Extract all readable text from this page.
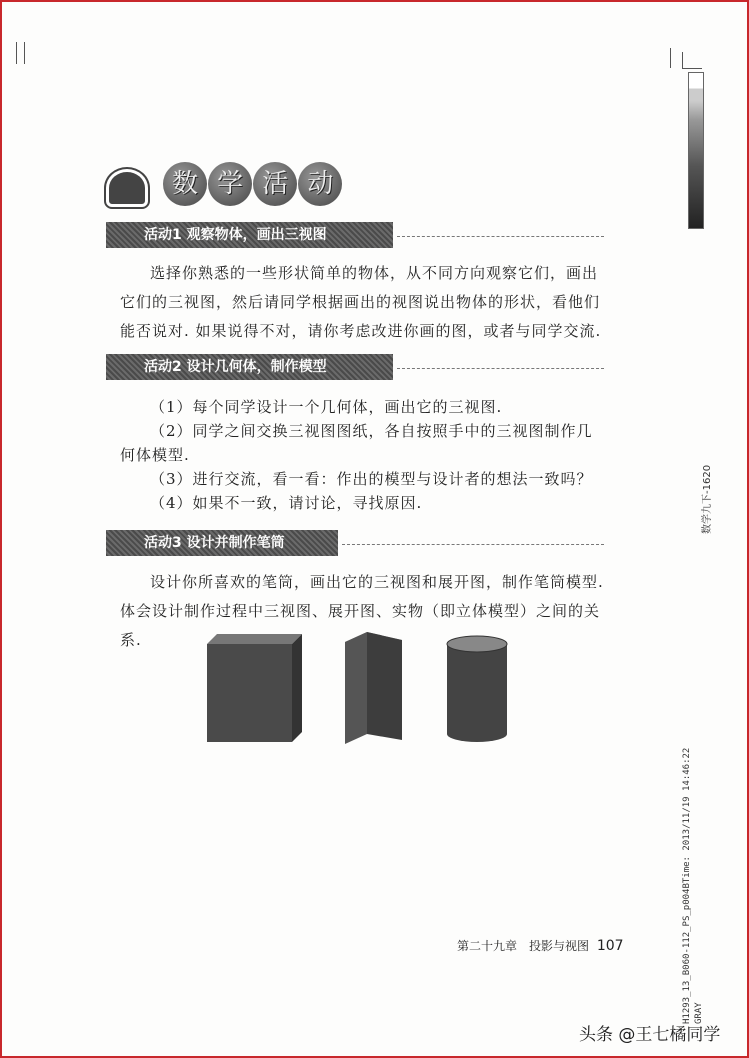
数 学 活 动
活动1 观察物体，画出三视图

选择你熟悉的一些形状简单的物体，从不同方向观察它们，画出它们的三视图，然后请同学根据画出的视图说出物体的形状，看他们能否说对. 如果说得不对，请你考虑改进你画的图，或者与同学交流.

活动2 设计几何体，制作模型

（1）每个同学设计一个几何体，画出它的三视图.

（2）同学之间交换三视图图纸，各自按照手中的三视图制作几何体模型.

（3）进行交流，看一看：作出的模型与设计者的想法一致吗？

（4）如果不一致，请讨论，寻找原因.

活动3 设计并制作笔筒

设计你所喜欢的笔筒，画出它的三视图和展开图，制作笔筒模型. 体会设计制作过程中三视图、展开图、实物（即立体模型）之间的关系.

第二十九章　投影与视图 107
数学九下-1620
H1293_13_B060-112_PS_p004BTime: 2013/11/19 14:46:22 GRAY
头条 @王七橘同学
